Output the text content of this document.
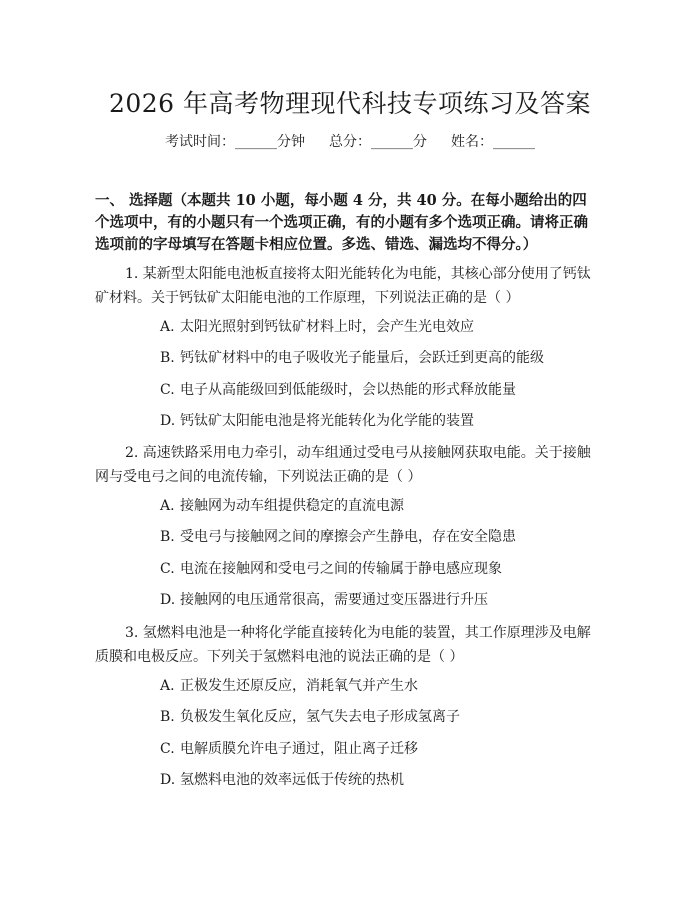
2026 年高考物理现代科技专项练习及答案
考试时间：______分钟 总分：______分 姓名：______
一、 选择题（本题共 10 小题，每小题 4 分，共 40 分。在每小题给出的四个选项中，有的小题只有一个选项正确，有的小题有多个选项正确。请将正确选项前的字母填写在答题卡相应位置。多选、错选、漏选均不得分。）
1. 某新型太阳能电池板直接将太阳光能转化为电能，其核心部分使用了钙钛矿材料。关于钙钛矿太阳能电池的工作原理，下列说法正确的是（ ）
A. 太阳光照射到钙钛矿材料上时，会产生光电效应
B. 钙钛矿材料中的电子吸收光子能量后，会跃迁到更高的能级
C. 电子从高能级回到低能级时，会以热能的形式释放能量
D. 钙钛矿太阳能电池是将光能转化为化学能的装置
2. 高速铁路采用电力牵引，动车组通过受电弓从接触网获取电能。关于接触网与受电弓之间的电流传输，下列说法正确的是（ ）
A. 接触网为动车组提供稳定的直流电源
B. 受电弓与接触网之间的摩擦会产生静电，存在安全隐患
C. 电流在接触网和受电弓之间的传输属于静电感应现象
D. 接触网的电压通常很高，需要通过变压器进行升压
3. 氢燃料电池是一种将化学能直接转化为电能的装置，其工作原理涉及电解质膜和电极反应。下列关于氢燃料电池的说法正确的是（ ）
A. 正极发生还原反应，消耗氧气并产生水
B. 负极发生氧化反应，氢气失去电子形成氢离子
C. 电解质膜允许电子通过，阻止离子迁移
D. 氢燃料电池的效率远低于传统的热机
